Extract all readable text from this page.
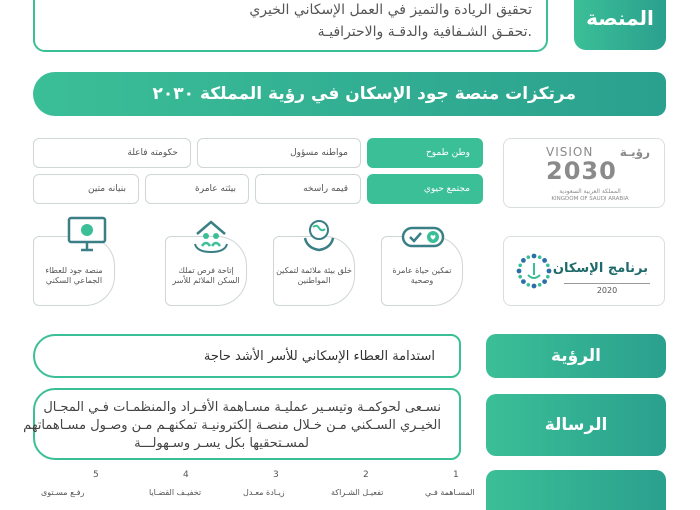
تحقيق الريادة والتميز في العمل الإسكاني الخيري
تحقـق الشـفافية والدقـة والاحترافيـة.
المنصة
مرتكزات منصة جود الإسكان في رؤية المملكة ٢٠٣٠
وطن طموح
مواطنه مسؤول
حكومته فاعلة
مجتمع حيوي
قيمه راسخه
بيئته عامرة
بنيانه متين
تمكين حياة عامرة وصحية
خلق بيئة ملائمة لتمكين المواطنين
إتاحة فرص تملك السكن الملائم للأسر
منصة جود للعطاء الجماعي السكني
رؤيـة
VISION
2030
المملكة العربية السعودية
KINGDOM OF SAUDI ARABIA
برنامج الإسكان
2020
استدامة العطاء الإسكاني للأسر الأشد حاجة	الرؤية
نسـعى لحوكمـة وتيسـير عمليـة مسـاهمة الأفـراد والمنظمـات فـي المجـال
الخيـري السـكني مـن خـلال منصـة إلكترونيـة تمكنهـم مـن وصـول مسـاهماتهم
لمسـتحقيها بكل يسـر وسـهولـــة
الرسالة
1
المسـاهمة فـي
2
تفعيـل الشـراكة
3
زيـادة معـدل
4
تخفيـف القضـايا
5
رفـع مسـتوى
